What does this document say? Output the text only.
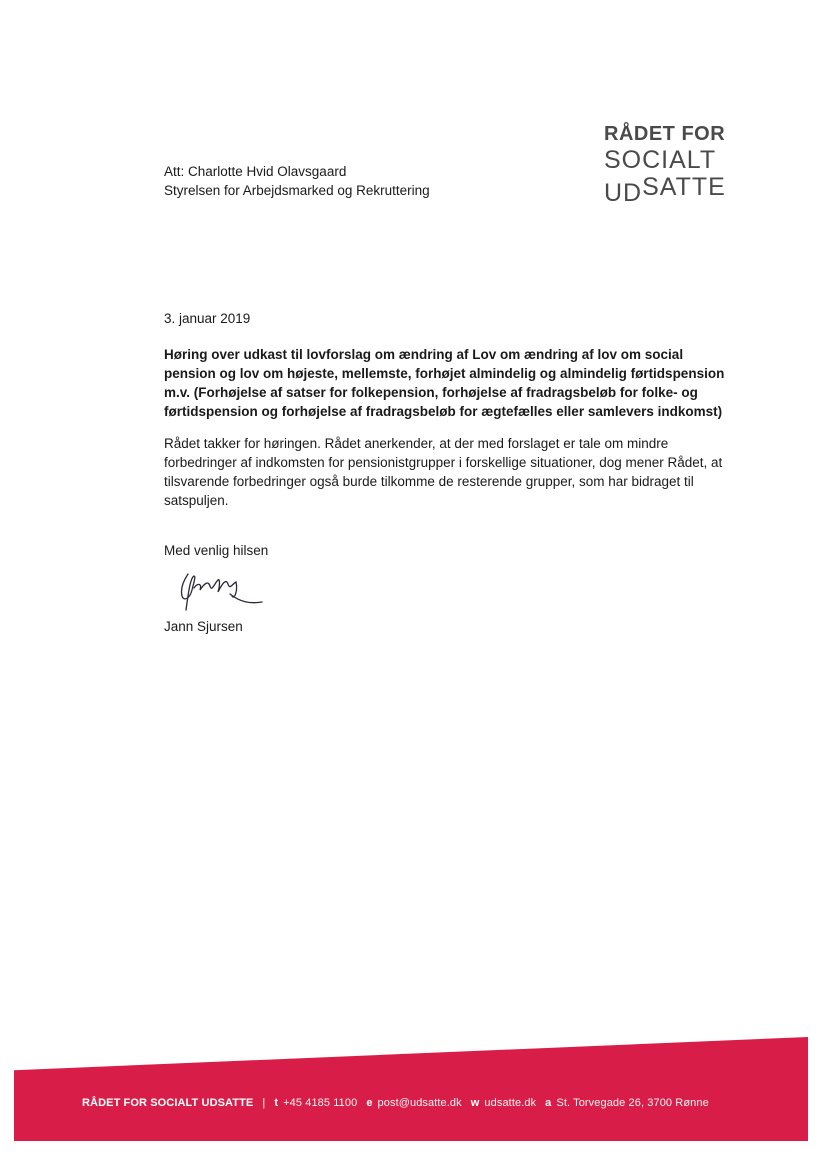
RÅDET FOR
SOCIALT
UDSATTE
Att: Charlotte Hvid Olavsgaard
Styrelsen for Arbejdsmarked og Rekruttering
3. januar 2019
Høring over udkast til lovforslag om ændring af Lov om ændring af lov om social pension og lov om højeste, mellemste, forhøjet almindelig og almindelig førtidspension m.v. (Forhøjelse af satser for folkepension, forhøjelse af fradragsbeløb for folke- og førtidspension og forhøjelse af fradragsbeløb for ægtefælles eller samlevers indkomst)
Rådet takker for høringen. Rådet anerkender, at der med forslaget er tale om mindre forbedringer af indkomsten for pensionistgrupper i forskellige situationer, dog mener Rådet, at tilsvarende forbedringer også burde tilkomme de resterende grupper, som har bidraget til satspuljen.
Med venlig hilsen
Jann Sjursen
RÅDET FOR SOCIALT UDSATTE | t +45 4185 1100 e post@udsatte.dk w udsatte.dk a St. Torvegade 26, 3700 Rønne
